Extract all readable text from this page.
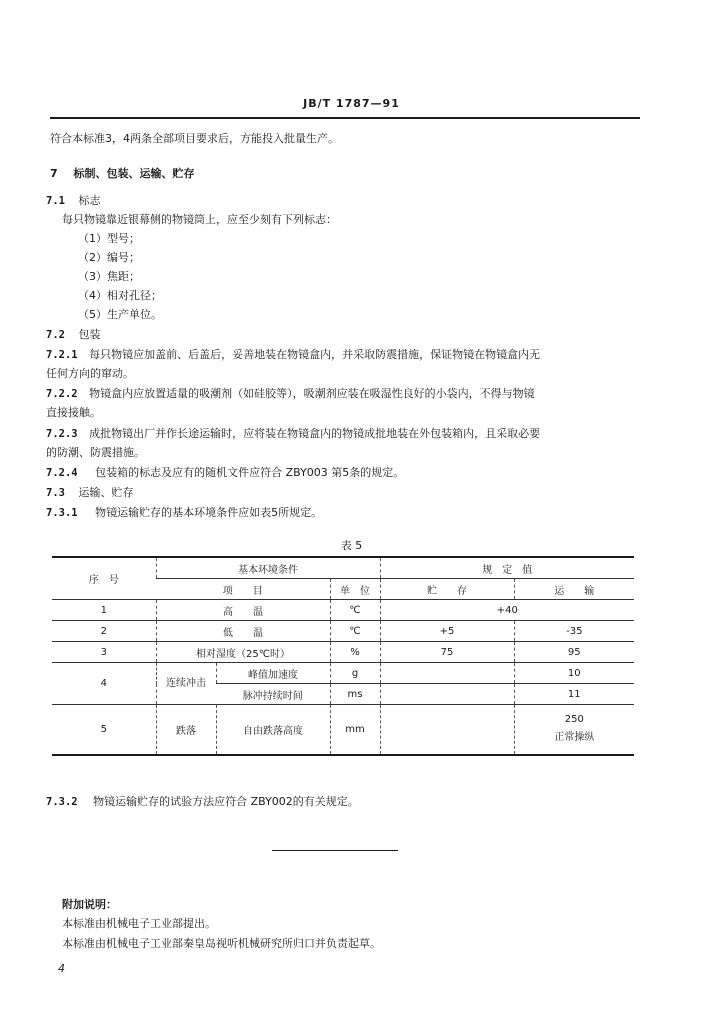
JB/T 1787—91
符合本标准3，4两条全部项目要求后，方能投入批量生产。
7 标制、包装、运输、贮存
7.1 标志
每只物镜靠近银幕侧的物镜筒上，应至少刻有下列标志：
（1）型号；
（2）编号；
（3）焦距；
（4）相对孔径；
（5）生产单位。
7.2 包装
7.2.1 每只物镜应加盖前、后盖后，妥善地装在物镜盒内，并采取防震措施，保证物镜在物镜盒内无
任何方向的窜动。
7.2.2 物镜盒内应放置适量的吸潮剂（如硅胶等），吸潮剂应装在吸湿性良好的小袋内，不得与物镜
直接接触。
7.2.3 成批物镜出厂并作长途运输时，应将装在物镜盒内的物镜成批地装在外包装箱内，且采取必要
的防潮、防震措施。
7.2.4 包装箱的标志及应有的随机文件应符合 ZBY003 第5条的规定。
7.3 运输、贮存
7.3.1 物镜运输贮存的基本环境条件应如表5所规定。
表 5
序　号	基本环境条件			规　定　值	
	项　　目		单　位	贮　　存	运　　输
1	高　　温		℃	+40	
2	低　　温		℃	+5	-35
3	相对湿度（25℃时）		%	75	95
4	连续冲击	峰值加速度	g		10
		脉冲持续时间	ms		11
5	跌落	自由跌落高度	mm		250
正常操纵
7.3.2 物镜运输贮存的试验方法应符合 ZBY002的有关规定。
附加说明：
本标准由机械电子工业部提出。
本标准由机械电子工业部秦皇岛视听机械研究所归口并负责起草。
4
